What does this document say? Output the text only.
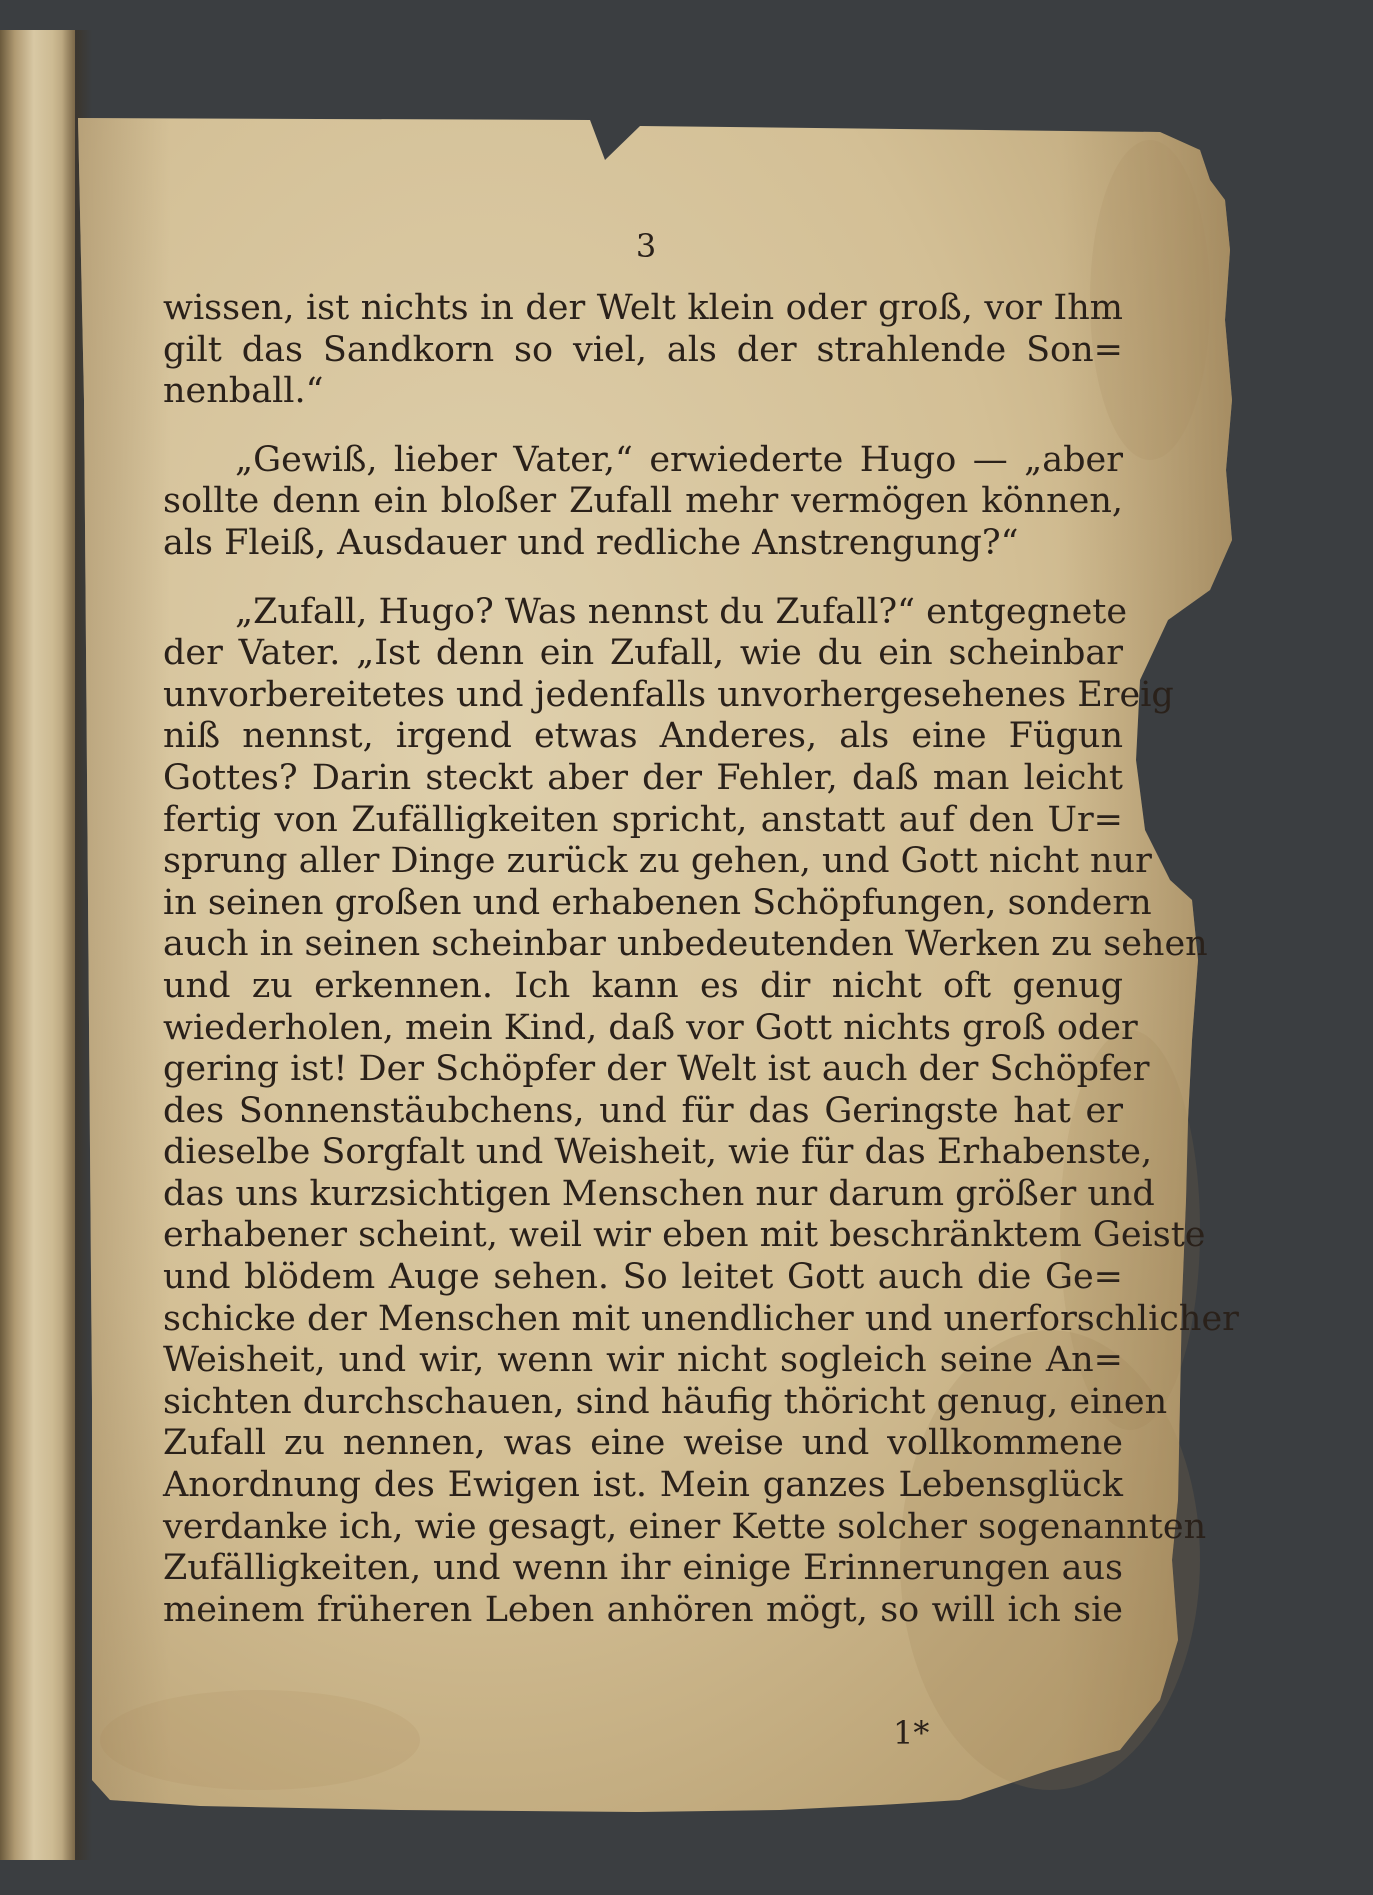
3
wissen, ist nichts in der Welt klein oder groß, vor Ihm
gilt das Sandkorn so viel, als der strahlende Son=
nenball.“
„Gewiß, lieber Vater,“ erwiederte Hugo — „aber
sollte denn ein bloßer Zufall mehr vermögen können,
als Fleiß, Ausdauer und redliche Anstrengung?“
„Zufall, Hugo? Was nennst du Zufall?“ entgegnete
der Vater. „Ist denn ein Zufall, wie du ein scheinbar
unvorbereitetes und jedenfalls unvorhergesehenes Ereig
niß nennst, irgend etwas Anderes, als eine Fügun
Gottes? Darin steckt aber der Fehler, daß man leicht
fertig von Zufälligkeiten spricht, anstatt auf den Ur=
sprung aller Dinge zurück zu gehen, und Gott nicht nur
in seinen großen und erhabenen Schöpfungen, sondern
auch in seinen scheinbar unbedeutenden Werken zu sehen
und zu erkennen. Ich kann es dir nicht oft genug
wiederholen, mein Kind, daß vor Gott nichts groß oder
gering ist! Der Schöpfer der Welt ist auch der Schöpfer
des Sonnenstäubchens, und für das Geringste hat er
dieselbe Sorgfalt und Weisheit, wie für das Erhabenste,
das uns kurzsichtigen Menschen nur darum größer und
erhabener scheint, weil wir eben mit beschränktem Geiste
und blödem Auge sehen. So leitet Gott auch die Ge=
schicke der Menschen mit unendlicher und unerforschlicher
Weisheit, und wir, wenn wir nicht sogleich seine An=
sichten durchschauen, sind häufig thöricht genug, einen
Zufall zu nennen, was eine weise und vollkommene
Anordnung des Ewigen ist. Mein ganzes Lebensglück
verdanke ich, wie gesagt, einer Kette solcher sogenannten
Zufälligkeiten, und wenn ihr einige Erinnerungen aus
meinem früheren Leben anhören mögt, so will ich sie
1*
